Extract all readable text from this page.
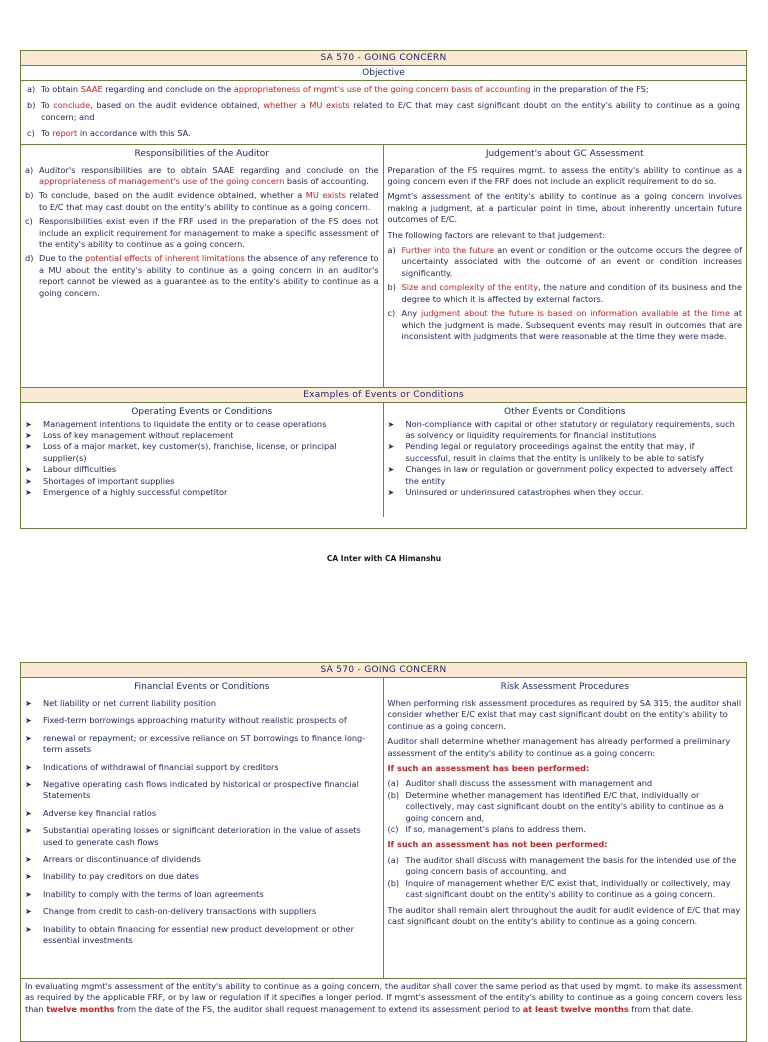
SA 570 - GOING CONCERN
Objective
a) To obtain SAAE regarding and conclude on the appropriateness of mgmt's use of the going concern basis of accounting in the preparation of the FS;
b) To conclude, based on the audit evidence obtained, whether a MU exists related to E/C that may cast significant doubt on the entity's ability to continue as a going concern; and
c) To report in accordance with this SA.
Responsibilities of the Auditor
a) Auditor's responsibilities are to obtain SAAE regarding and conclude on the appropriateness of management's use of the going concern basis of accounting.
b) To conclude, based on the audit evidence obtained, whether a MU exists related to E/C that may cast doubt on the entity's ability to continue as a going concern.
c) Responsibilities exist even if the FRF used in the preparation of the FS does not include an explicit requirement for management to make a specific assessment of the entity's ability to continue as a going concern.
d) Due to the potential effects of inherent limitations the absence of any reference to a MU about the entity's ability to continue as a going concern in an auditor's report cannot be viewed as a guarantee as to the entity's ability to continue as a going concern.
Judgement's about GC Assessment

Preparation of the FS requires mgmt. to assess the entity's ability to continue as a going concern even if the FRF does not include an explicit requirement to do so.

Mgmt's assessment of the entity's ability to continue as a going concern involves making a judgment, at a particular point in time, about inherently uncertain future outcomes of E/C.

The following factors are relevant to that judgement:

a) Further into the future an event or condition or the outcome occurs the degree of uncertainty associated with the outcome of an event or condition increases significantly.
b) Size and complexity of the entity, the nature and condition of its business and the degree to which it is affected by external factors.
c) Any judgment about the future is based on information available at the time at which the judgment is made. Subsequent events may result in outcomes that are inconsistent with judgments that were reasonable at the time they were made.
Examples of Events or Conditions
Operating Events or Conditions
➤	Management intentions to liquidate the entity or to cease operations
➤	Loss of key management without replacement
➤	Loss of a major market, key customer(s), franchise, license, or principal supplier(s)
➤	Labour difficulties
➤	Shortages of important supplies
➤	Emergence of a highly successful competitor
Other Events or Conditions
➤	Non-compliance with capital or other statutory or regulatory requirements, such as solvency or liquidity requirements for financial institutions
➤	Pending legal or regulatory proceedings against the entity that may, if successful, result in claims that the entity is unlikely to be able to satisfy
➤	Changes in law or regulation or government policy expected to adversely affect the entity
➤	Uninsured or underinsured catastrophes when they occur.
CA Inter with CA Himanshu
SA 570 - GOING CONCERN
Financial Events or Conditions
➤	Net liability or net current liability position
➤	Fixed-term borrowings approaching maturity without realistic prospects of
➤	renewal or repayment; or excessive reliance on ST borrowings to finance long-term assets
➤	Indications of withdrawal of financial support by creditors
➤	Negative operating cash flows indicated by historical or prospective financial Statements
➤	Adverse key financial ratios
➤	Substantial operating losses or significant deterioration in the value of assets used to generate cash flows
➤	Arrears or discontinuance of dividends
➤	Inability to pay creditors on due dates
➤	Inability to comply with the terms of loan agreements
➤	Change from credit to cash-on-delivery transactions with suppliers
➤	Inability to obtain financing for essential new product development or other essential investments
Risk Assessment Procedures

When performing risk assessment procedures as required by SA 315, the auditor shall consider whether E/C exist that may cast significant doubt on the entity's ability to continue as a going concern.

Auditor shall determine whether management has already performed a preliminary assessment of the entity's ability to continue as a going concern:

If such an assessment has been performed:

(a) Auditor shall discuss the assessment with management and
(b) Determine whether management has identified E/C that, individually or collectively, may cast significant doubt on the entity's ability to continue as a going concern and,
(c) If so, management's plans to address them.

If such an assessment has not been performed:

(a) The auditor shall discuss with management the basis for the intended use of the going concern basis of accounting, and
(b) Inquire of management whether E/C exist that, individually or collectively, may cast significant doubt on the entity's ability to continue as a going concern.

The auditor shall remain alert throughout the audit for audit evidence of E/C that may cast significant doubt on the entity's ability to continue as a going concern.

In evaluating mgmt's assessment of the entity's ability to continue as a going concern, the auditor shall cover the same period as that used by mgmt. to make its assessment as required by the applicable FRF, or by law or regulation if it specifies a longer period. If mgmt's assessment of the entity's ability to continue as a going concern covers less than twelve months from the date of the FS, the auditor shall request management to extend its assessment period to at least twelve months from that date.
